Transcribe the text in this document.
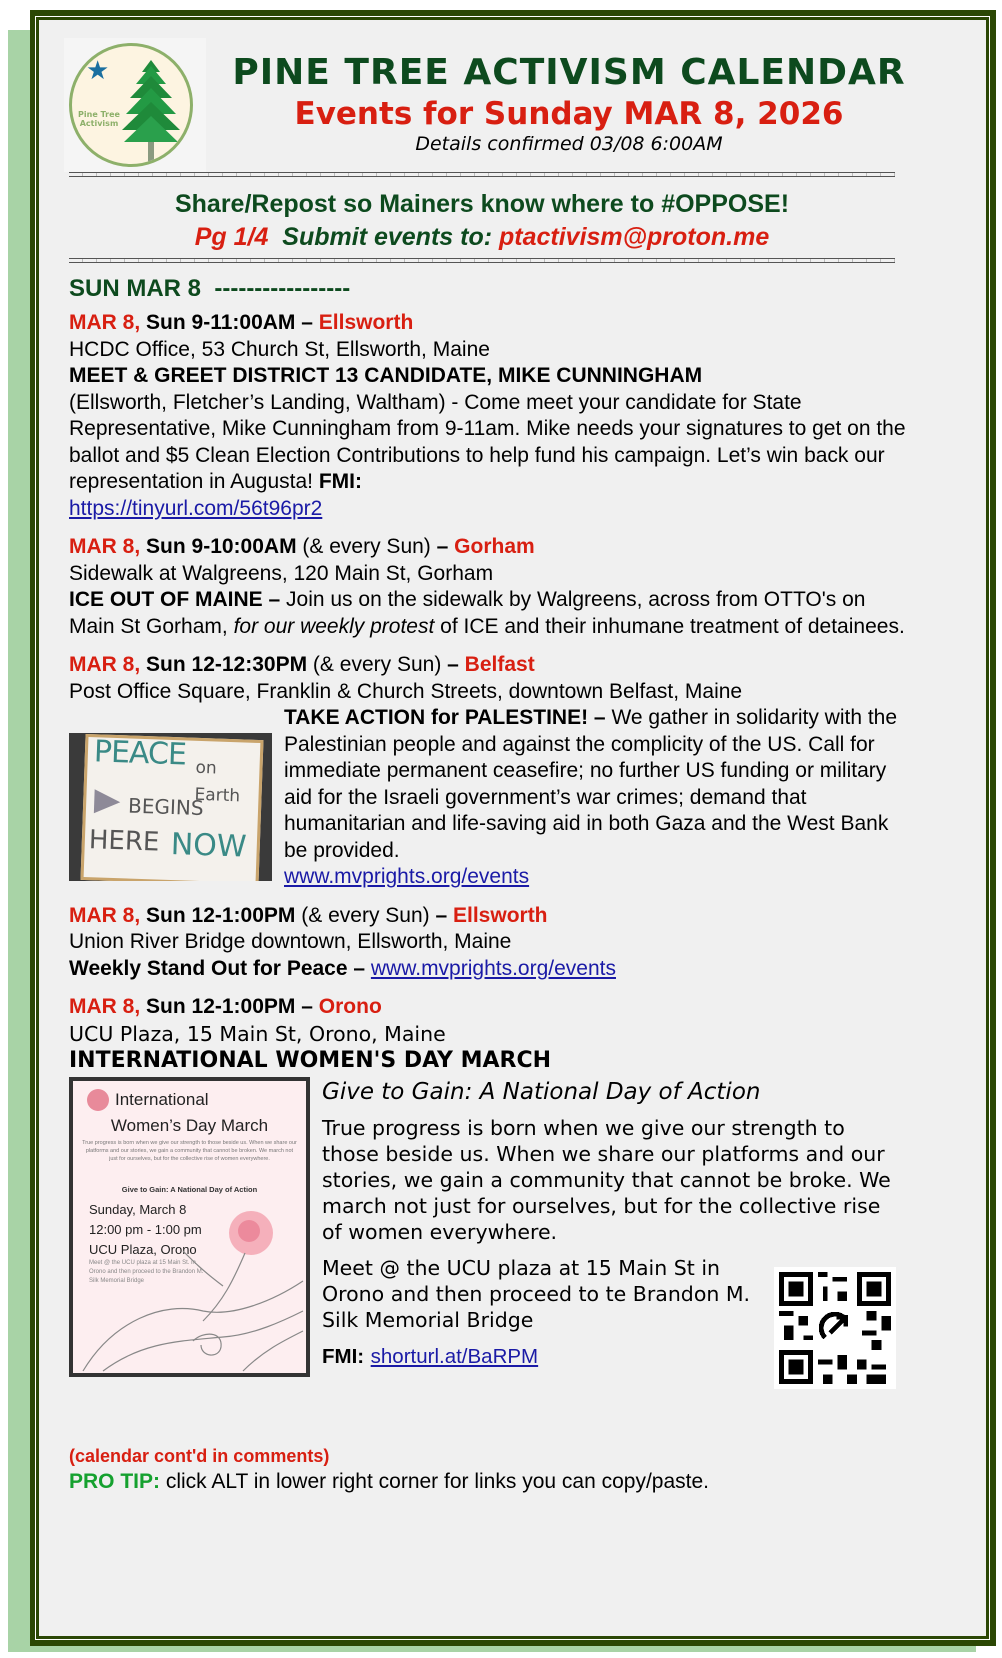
★
Pine Tree Activism
PINE TREE ACTIVISM CALENDAR
Events for Sunday MAR 8, 2026
Details confirmed 03/08 6:00AM
Share/Repost so Mainers know where to #OPPOSE!
Pg 1/4 Submit events to: ptactivism@proton.me
SUN MAR 8  -----------------
MAR 8, Sun 9-11:00AM – Ellsworth
HCDC Office, 53 Church St, Ellsworth, Maine
MEET & GREET DISTRICT 13 CANDIDATE, MIKE CUNNINGHAM
(Ellsworth, Fletcher’s Landing, Waltham) - Come meet your candidate for State Representative, Mike Cunningham from 9-11am. Mike needs your signatures to get on the ballot and $5 Clean Election Contributions to help fund his campaign. Let’s win back our representation in Augusta! FMI:
https://tinyurl.com/56t96pr2
MAR 8, Sun 9-10:00AM (& every Sun) – Gorham
Sidewalk at Walgreens, 120 Main St, Gorham
ICE OUT OF MAINE – Join us on the sidewalk by Walgreens, across from OTTO's on Main St Gorham, for our weekly protest of ICE and their inhumane treatment of detainees.
MAR 8, Sun 12-12:30PM (& every Sun) – Belfast
Post Office Square, Franklin & Church Streets, downtown Belfast, Maine
PEACE on Earth
BEGINS
HERE NOW
TAKE ACTION for PALESTINE! – We gather in solidarity with the Palestinian people and against the complicity of the US. Call for immediate permanent ceasefire; no further US funding or military aid for the Israeli government’s war crimes; demand that humanitarian and life-saving aid in both Gaza and the West Bank be provided.
www.mvprights.org/events
MAR 8, Sun 12-1:00PM (& every Sun) – Ellsworth
Union River Bridge downtown, Ellsworth, Maine
Weekly Stand Out for Peace – www.mvprights.org/events
MAR 8, Sun 12-1:00PM – Orono
UCU Plaza, 15 Main St, Orono, Maine
INTERNATIONAL WOMEN'S DAY MARCH
International
Women’s Day March
True progress is born when we give our strength to those beside us. When we share our platforms and our stories, we gain a community that cannot be broken. We march not just for ourselves, but for the collective rise of women everywhere.
Give to Gain: A National Day of Action
Sunday, March 8
12:00 pm - 1:00 pm
UCU Plaza, Orono
Meet @ the UCU plaza at 15 Main St. in Orono and then proceed to the Brandon M. Silk Memorial Bridge
Give to Gain: A National Day of Action
True progress is born when we give our strength to those beside us. When we share our platforms and our stories, we gain a community that cannot be broke. We march not just for ourselves, but for the collective rise of women everywhere.
Meet @ the UCU plaza at 15 Main St in Orono and then proceed to te Brandon M. Silk Memorial Bridge
FMI: shorturl.at/BaRPM
(calendar cont'd in comments)
PRO TIP: click ALT in lower right corner for links you can copy/paste.
